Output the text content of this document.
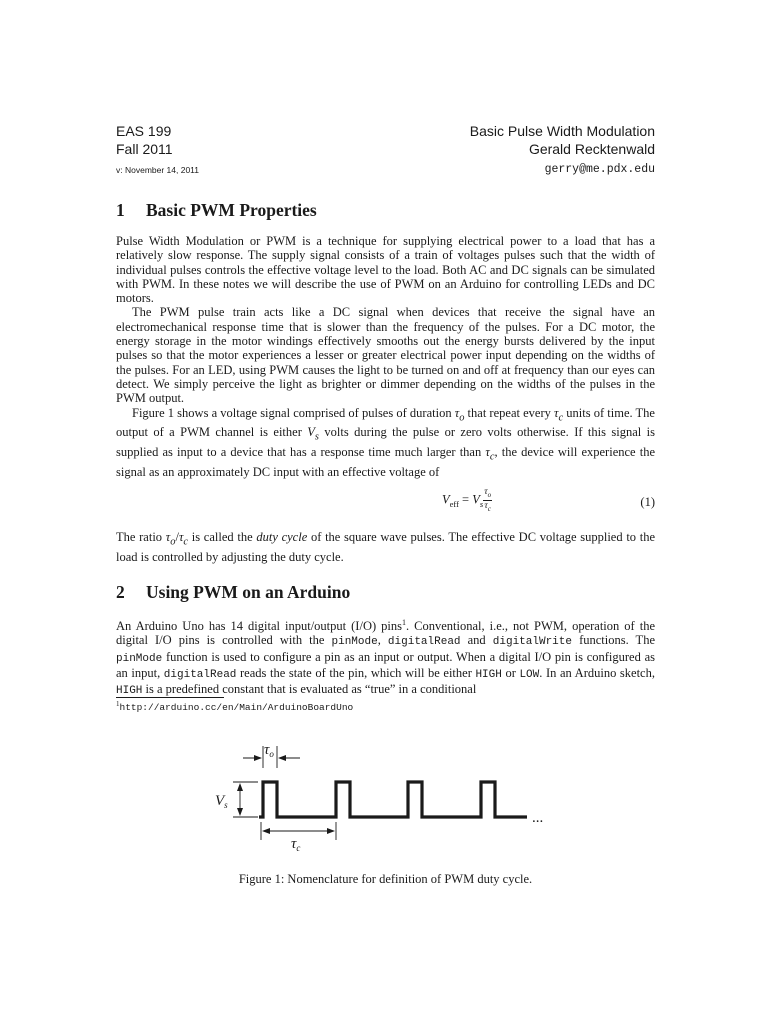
EAS 199
Fall 2011
v: November 14, 2011
Basic Pulse Width Modulation
Gerald Recktenwald
gerry@me.pdx.edu
1 Basic PWM Properties

Pulse Width Modulation or PWM is a technique for supplying electrical power to a load that has a relatively slow response. The supply signal consists of a train of voltages pulses such that the width of individual pulses controls the effective voltage level to the load. Both AC and DC signals can be simulated with PWM. In these notes we will describe the use of PWM on an Arduino for controlling LEDs and DC motors.

The PWM pulse train acts like a DC signal when devices that receive the signal have an electromechanical response time that is slower than the frequency of the pulses. For a DC motor, the energy storage in the motor windings effectively smooths out the energy bursts delivered by the input pulses so that the motor experiences a lesser or greater electrical power input depending on the widths of the pulses. For an LED, using PWM causes the light to be turned on and off at frequency than our eyes can detect. We simply perceive the light as brighter or dimmer depending on the widths of the pulses in the PWM output.

Figure 1 shows a voltage signal comprised of pulses of duration $\tau_o$ that repeat every $\tau_c$ units of time. The output of a PWM channel is either $V_s$ volts during the pulse or zero volts otherwise. If this signal is supplied as input to a device that has a response time much larger than $\tau_c$, the device will experience the signal as an approximately DC input with an effective voltage of

$V_{eff} = V_s \frac{\tau_o}{\tau_c}$	(1)

The ratio $\tau_o/\tau_c$ is called the duty cycle of the square wave pulses. The effective DC voltage supplied to the load is controlled by adjusting the duty cycle.

2 Using PWM on an Arduino

An Arduino Uno has 14 digital input/output (I/O) pins$^1$. Conventional, i.e., not PWM, operation of the digital I/O pins is controlled with the pinMode, digitalRead and digitalWrite functions. The pinMode function is used to configure a pin as an input or output. When a digital I/O pin is configured as an input, digitalRead reads the state of the pin, which will be either HIGH or LOW. In an Arduino sketch, HIGH is a predefined constant that is evaluated as “true” in a conditional

$^1$http://arduino.cc/en/Main/ArduinoBoardUno
$\tau_o$
$V_s$
$\tau_c$
...
Figure 1: Nomenclature for definition of PWM duty cycle.
